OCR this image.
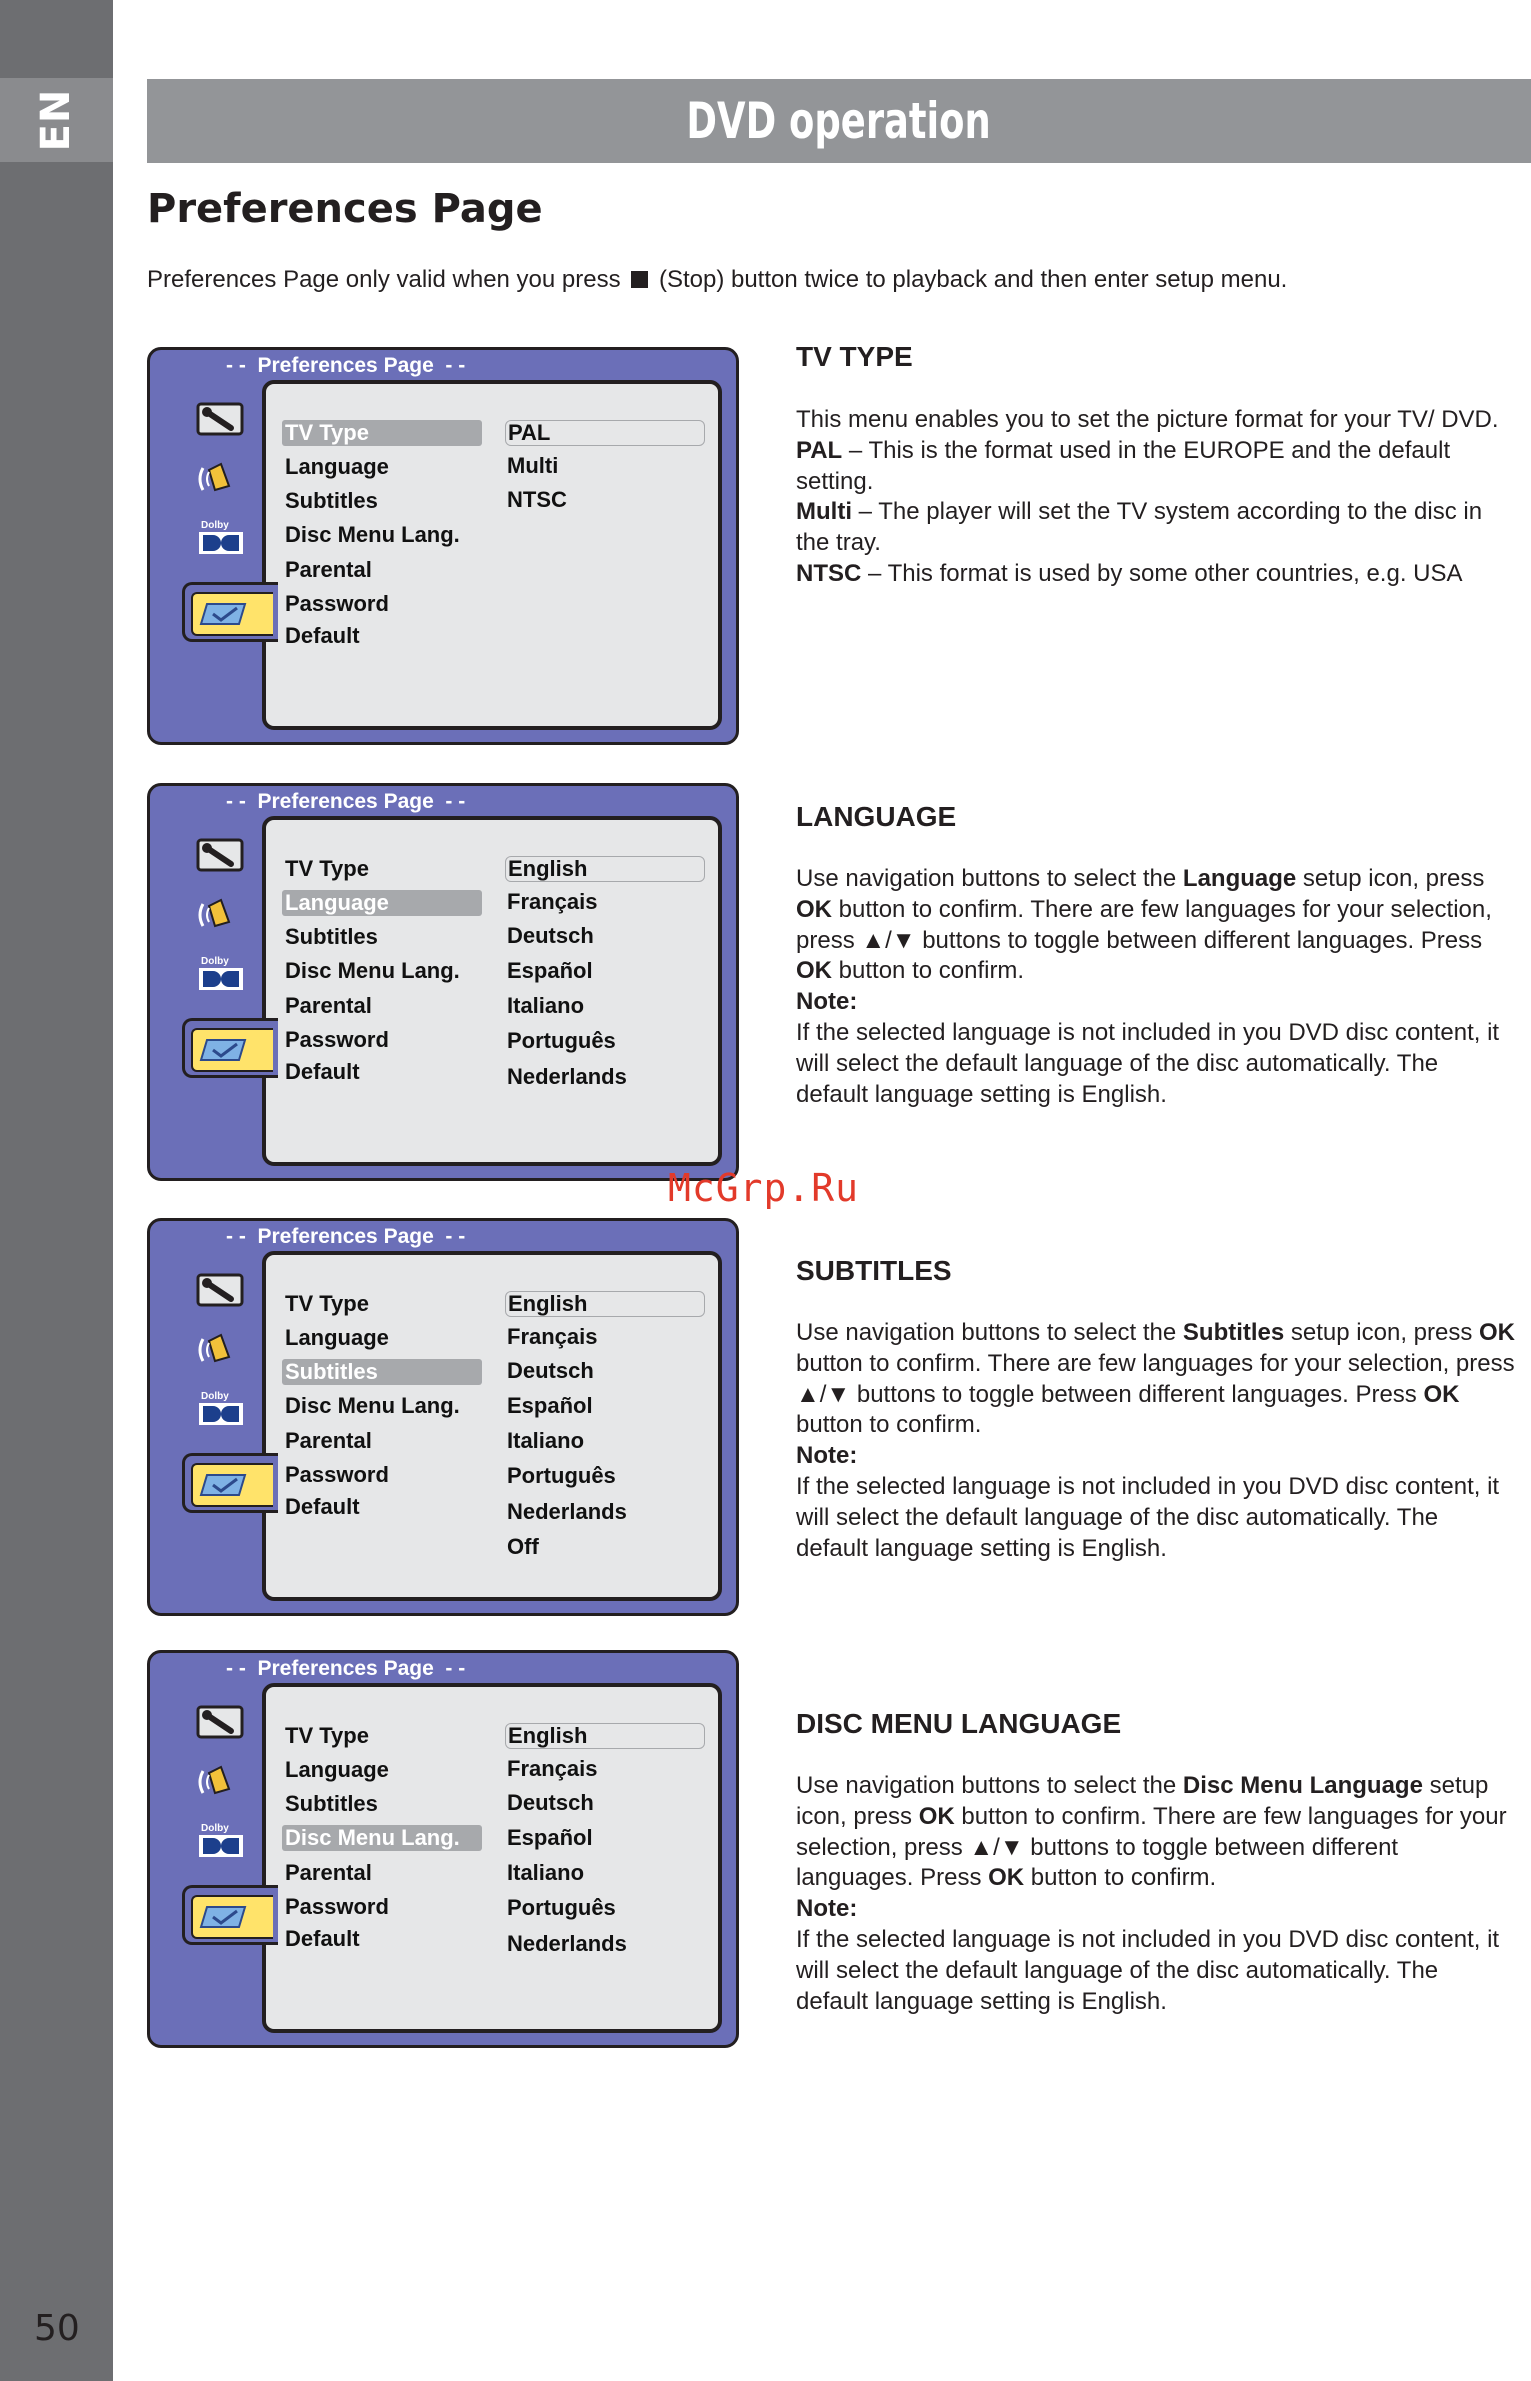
EN
50
DVD operation
Preferences Page
Preferences Page only valid when you press (Stop) button twice to playback and then enter setup menu.
- -  Preferences Page  - -
Dolby
TV Type
Language
Subtitles
Disc Menu Lang.
Parental
Password
Default
PAL
Multi
NTSC
- -  Preferences Page  - -
Dolby
TV Type
Language
Subtitles
Disc Menu Lang.
Parental
Password
Default
English
Français
Deutsch
Español
Italiano
Português
Nederlands
- -  Preferences Page  - -
Dolby
TV Type
Language
Subtitles
Disc Menu Lang.
Parental
Password
Default
English
Français
Deutsch
Español
Italiano
Português
Nederlands
Off
- -  Preferences Page  - -
Dolby
TV Type
Language
Subtitles
Disc Menu Lang.
Parental
Password
Default
English
Français
Deutsch
Español
Italiano
Português
Nederlands
TV TYPE

This menu enables you to set the picture format for your TV/ DVD.

PAL – This is the format used in the EUROPE and the default setting.

Multi – The player will set the TV system according to the disc in the tray.

NTSC – This format is used by some other countries, e.g. USA

LANGUAGE

Use navigation buttons to select the Language setup icon, press OK button to confirm. There are few languages for your selection, press ▲/▼ buttons to toggle between different languages. Press OK button to confirm.

Note:

If the selected language is not included in you DVD disc content, it will select the default language of the disc automatically. The default language setting is English.

SUBTITLES

Use navigation buttons to select the Subtitles setup icon, press OK button to confirm. There are few languages for your selection, press ▲/▼ buttons to toggle between different languages. Press OK button to confirm.

Note:

If the selected language is not included in you DVD disc content, it will select the default language of the disc automatically. The default language setting is English.

DISC MENU LANGUAGE

Use navigation buttons to select the Disc Menu Language setup icon, press OK button to confirm. There are few languages for your selection, press ▲/▼ buttons to toggle between different languages. Press OK button to confirm.

Note:

If the selected language is not included in you DVD disc content, it will select the default language of the disc automatically. The default language setting is English.

McGrp.Ru
